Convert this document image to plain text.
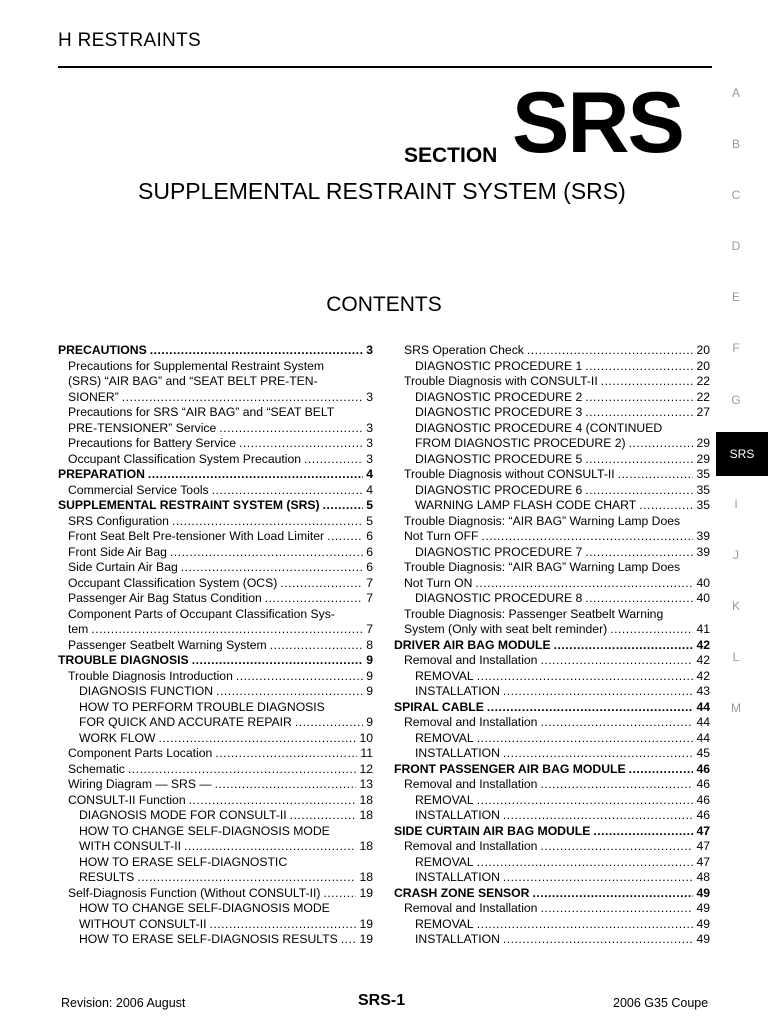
H RESTRAINTS
SECTION SRS
SUPPLEMENTAL RESTRAINT SYSTEM (SRS)
CONTENTS
PRECAUTIONS .....	3
Precautions for Supplemental Restraint System
(SRS) “AIR BAG” and “SEAT BELT PRE-TEN-
SIONER” .....	3
Precautions for SRS “AIR BAG” and “SEAT BELT
PRE-TENSIONER” Service .....	3
Precautions for Battery Service .....	3
Occupant Classification System Precaution .....	3
PREPARATION .....	4
Commercial Service Tools .....	4
SUPPLEMENTAL RESTRAINT SYSTEM (SRS) .....	5
SRS Configuration .....	5
Front Seat Belt Pre-tensioner With Load Limiter .....	6
Front Side Air Bag .....	6
Side Curtain Air Bag .....	6
Occupant Classification System (OCS) .....	7
Passenger Air Bag Status Condition .....	7
Component Parts of Occupant Classification Sys-
tem .....	7
Passenger Seatbelt Warning System .....	8
TROUBLE DIAGNOSIS .....	9
Trouble Diagnosis Introduction .....	9
DIAGNOSIS FUNCTION .....	9
HOW TO PERFORM TROUBLE DIAGNOSIS
FOR QUICK AND ACCURATE REPAIR .....	9
WORK FLOW .....	10
Component Parts Location .....	11
Schematic .....	12
Wiring Diagram — SRS — .....	13
CONSULT-II Function .....	18
DIAGNOSIS MODE FOR CONSULT-II .....	18
HOW TO CHANGE SELF-DIAGNOSIS MODE
WITH CONSULT-II .....	18
HOW TO ERASE SELF-DIAGNOSTIC
RESULTS .....	18
Self-Diagnosis Function (Without CONSULT-II) .....	19
HOW TO CHANGE SELF-DIAGNOSIS MODE
WITHOUT CONSULT-II .....	19
HOW TO ERASE SELF-DIAGNOSIS RESULTS ..... 19
SRS Operation Check .....	20
DIAGNOSTIC PROCEDURE 1 .....	20
Trouble Diagnosis with CONSULT-II .....	22
DIAGNOSTIC PROCEDURE 2 .....	22
DIAGNOSTIC PROCEDURE 3 .....	27
DIAGNOSTIC PROCEDURE 4 (CONTINUED
FROM DIAGNOSTIC PROCEDURE 2) .....	29
DIAGNOSTIC PROCEDURE 5 .....	29
Trouble Diagnosis without CONSULT-II .....	35
DIAGNOSTIC PROCEDURE 6 .....	35
WARNING LAMP FLASH CODE CHART .....	35
Trouble Diagnosis: “AIR BAG” Warning Lamp Does
Not Turn OFF .....	39
DIAGNOSTIC PROCEDURE 7 .....	39
Trouble Diagnosis: “AIR BAG” Warning Lamp Does
Not Turn ON .....	40
DIAGNOSTIC PROCEDURE 8 .....	40
Trouble Diagnosis: Passenger Seatbelt Warning
System (Only with seat belt reminder) .....	41
DRIVER AIR BAG MODULE .....	42
Removal and Installation .....	42
REMOVAL .....	42
INSTALLATION .....	43
SPIRAL CABLE .....	44
Removal and Installation .....	44
REMOVAL .....	44
INSTALLATION .....	45
FRONT PASSENGER AIR BAG MODULE .....	46
Removal and Installation .....	46
REMOVAL .....	46
INSTALLATION .....	46
SIDE CURTAIN AIR BAG MODULE .....	47
Removal and Installation .....	47
REMOVAL .....	47
INSTALLATION .....	48
CRASH ZONE SENSOR .....	49
Removal and Installation .....	49
REMOVAL .....	49
INSTALLATION .....	49
A
B
C
D
E
F
G
SRS
I
J
K
L
M
Revision: 2006 August	SRS-1	2006 G35 Coupe
